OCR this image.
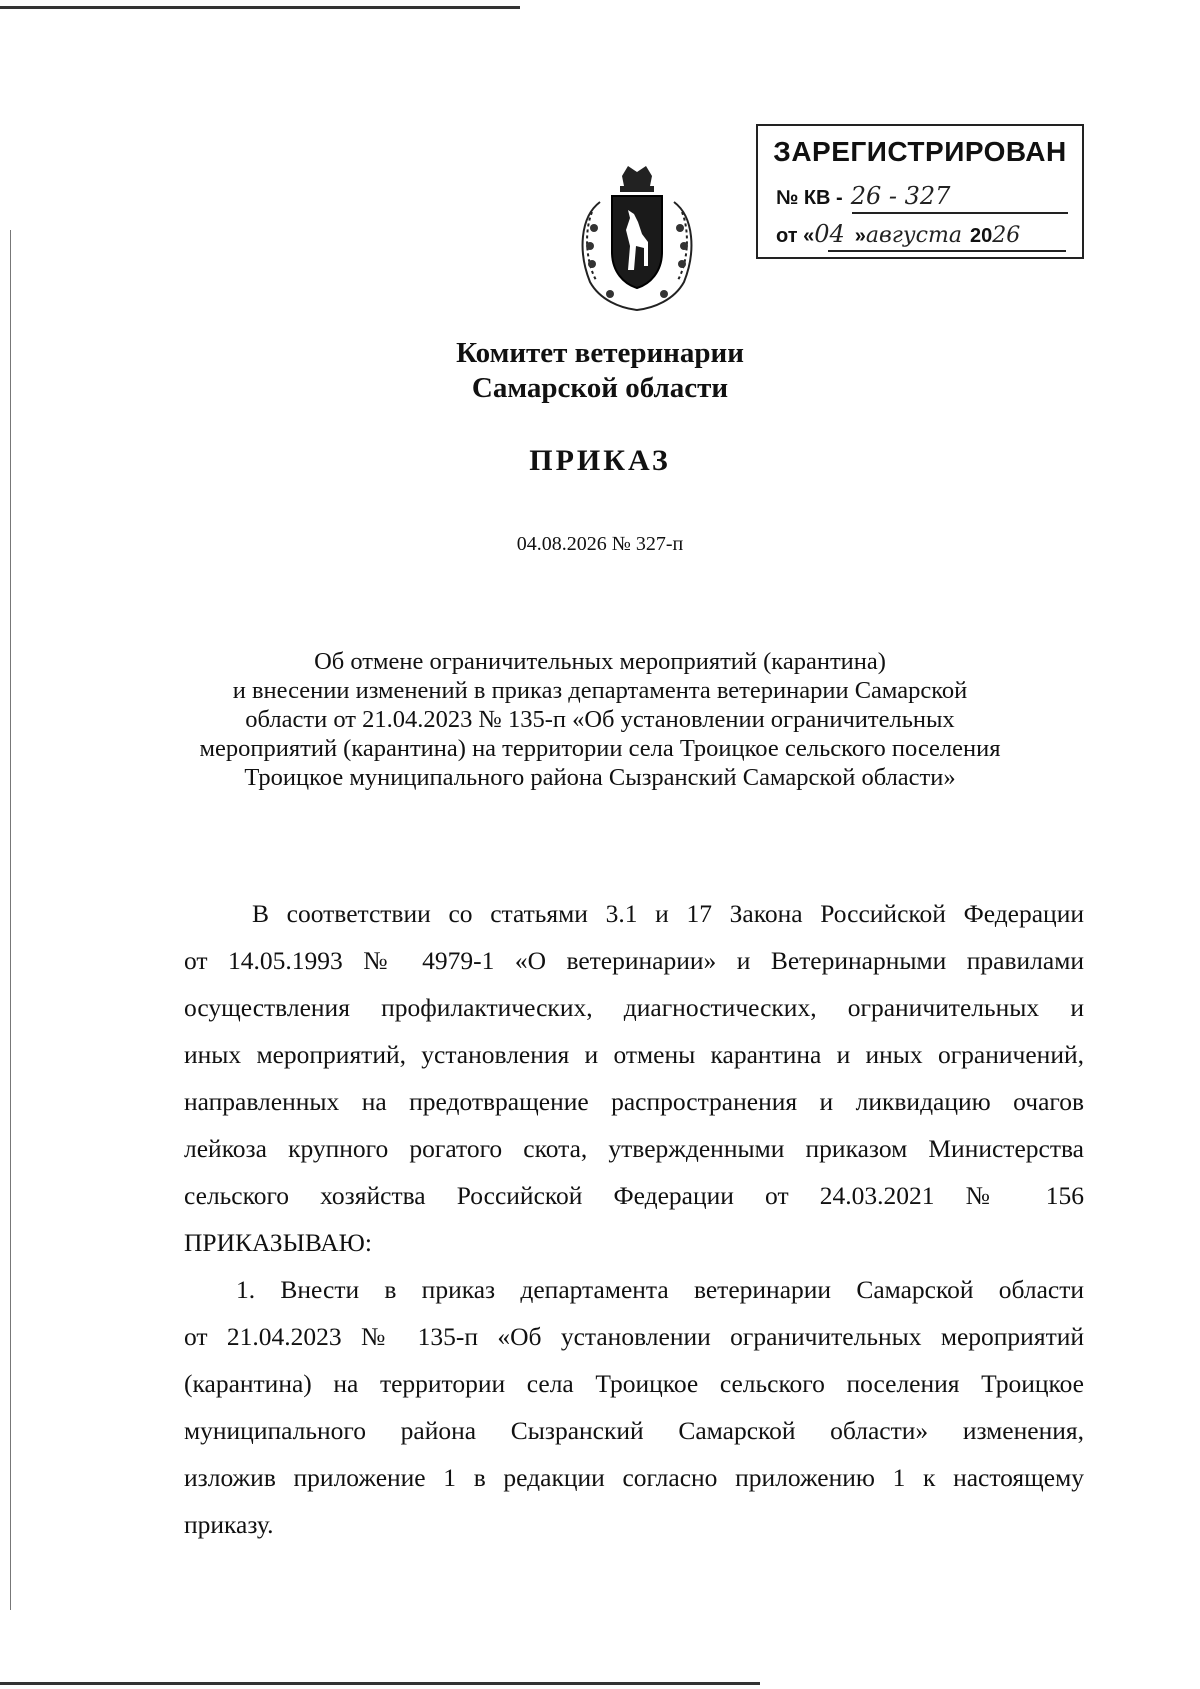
ЗАРЕГИСТРИРОВАН
№ КВ - 26 - 327
от « 04 » августа 20 26
Комитет ветеринарии
Самарской области
ПРИКАЗ
04.08.2026 № 327-п
Об отмене ограничительных мероприятий (карантина)
и внесении изменений в приказ департамента ветеринарии Самарской
области от 21.04.2023 № 135-п «Об установлении ограничительных
мероприятий (карантина) на территории села Троицкое сельского поселения
Троицкое муниципального района Сызранский Самарской области»
В соответствии со статьями 3.1 и 17 Закона Российской Федерации
от 14.05.1993 № 4979-1 «О ветеринарии» и Ветеринарными правилами
осуществления профилактических, диагностических, ограничительных и
иных мероприятий, установления и отмены карантина и иных ограничений,
направленных на предотвращение распространения и ликвидацию очагов
лейкоза крупного рогатого скота, утвержденными приказом Министерства
сельского хозяйства Российской Федерации от 24.03.2021 № 156
ПРИКАЗЫВАЮ:
1. Внести в приказ департамента ветеринарии Самарской области
от 21.04.2023 № 135-п «Об установлении ограничительных мероприятий
(карантина) на территории села Троицкое сельского поселения Троицкое
муниципального района Сызранский Самарской области» изменения,
изложив приложение 1 в редакции согласно приложению 1 к настоящему
приказу.
